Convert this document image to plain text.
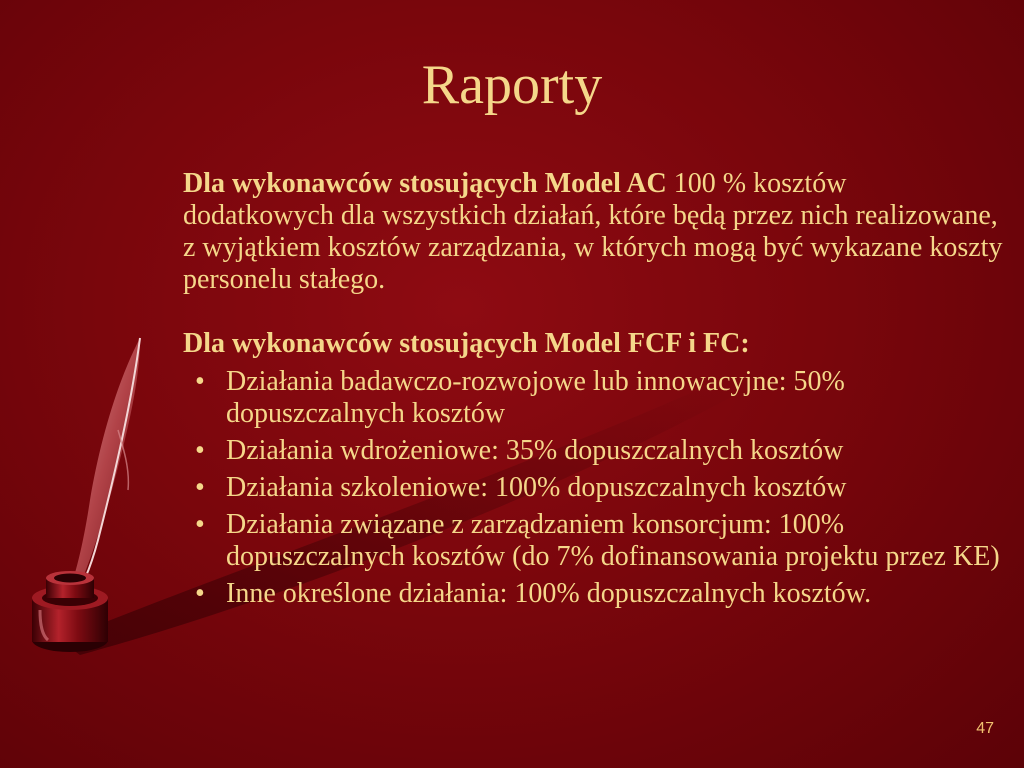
Raporty

Dla wykonawców stosujących Model AC 100 % kosztów dodatkowych dla wszystkich działań, które będą przez nich realizowane, z wyjątkiem kosztów zarządzania, w których mogą być wykazane koszty personelu stałego.

Dla wykonawców stosujących Model FCF i FC:

• Działania badawczo-rozwojowe lub innowacyjne: 50% dopuszczalnych kosztów
• Działania wdrożeniowe: 35% dopuszczalnych kosztów
• Działania szkoleniowe: 100% dopuszczalnych kosztów
• Działania związane z zarządzaniem konsorcjum: 100% dopuszczalnych kosztów (do 7% dofinansowania projektu przez KE)
• Inne określone działania: 100% dopuszczalnych kosztów.
47
